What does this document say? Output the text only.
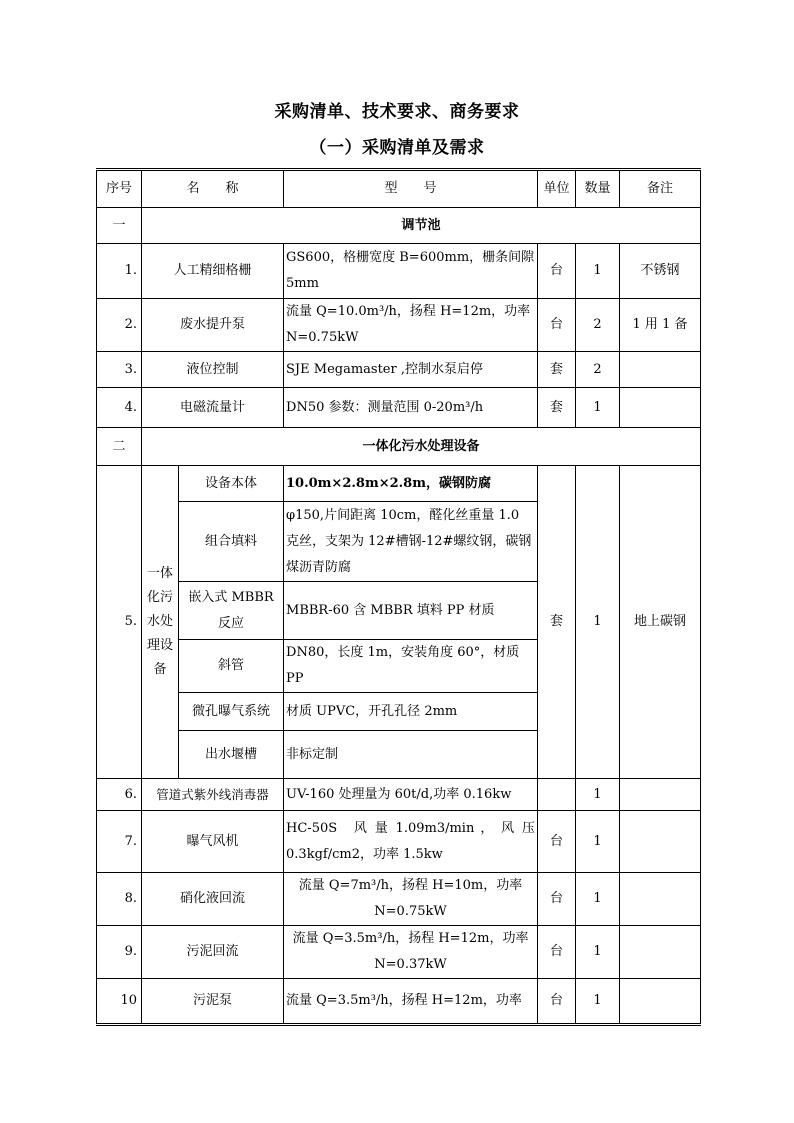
采购清单、技术要求、商务要求
（一）采购清单及需求
序号	名　　称		型　　号	单位	数量	备注
一	调节池					
1.	人工精细格栅		GS600，格栅宽度 B=600mm，栅条间隙 5mm	台	1	不锈钢
2.	废水提升泵		流量 Q=10.0m³/h，扬程 H=12m，功率 N=0.75kW	台	2	1 用 1 备
3.	液位控制		SJE Megamaster ,控制水泵启停	套	2	
4.	电磁流量计		DN50 参数：测量范围 0-20m³/h	套	1	
二	一体化污水处理设备					
5.	一体化污水处理设备	设备本体	10.0m×2.8m×2.8m，碳钢防腐	套	1	地上碳钢
		组合填料	φ150,片间距离 10cm，醛化丝重量 1.0 克丝，支架为 12#槽钢-12#螺纹钢，碳钢煤沥青防腐			
		嵌入式 MBBR 反应	MBBR-60 含 MBBR 填料 PP 材质			
		斜管	DN80，长度 1m，安装角度 60°，材质 PP			
		微孔曝气系统	材质 UPVC，开孔孔径 2mm			
		出水堰槽	非标定制			
6.	管道式紫外线消毒器		UV-160 处理量为 60t/d,功率 0.16kw		1	
7.	曝气风机		HC-50S　风 量 1.09m3/min ， 风 压 0.3kgf/cm2，功率 1.5kw	台	1	
8.	硝化液回流		流量 Q=7m³/h，扬程 H=10m，功率 N=0.75kW	台	1	
9.	污泥回流		流量 Q=3.5m³/h，扬程 H=12m，功率 N=0.37kW	台	1	
10	污泥泵		流量 Q=3.5m³/h，扬程 H=12m，功率	台	1	
